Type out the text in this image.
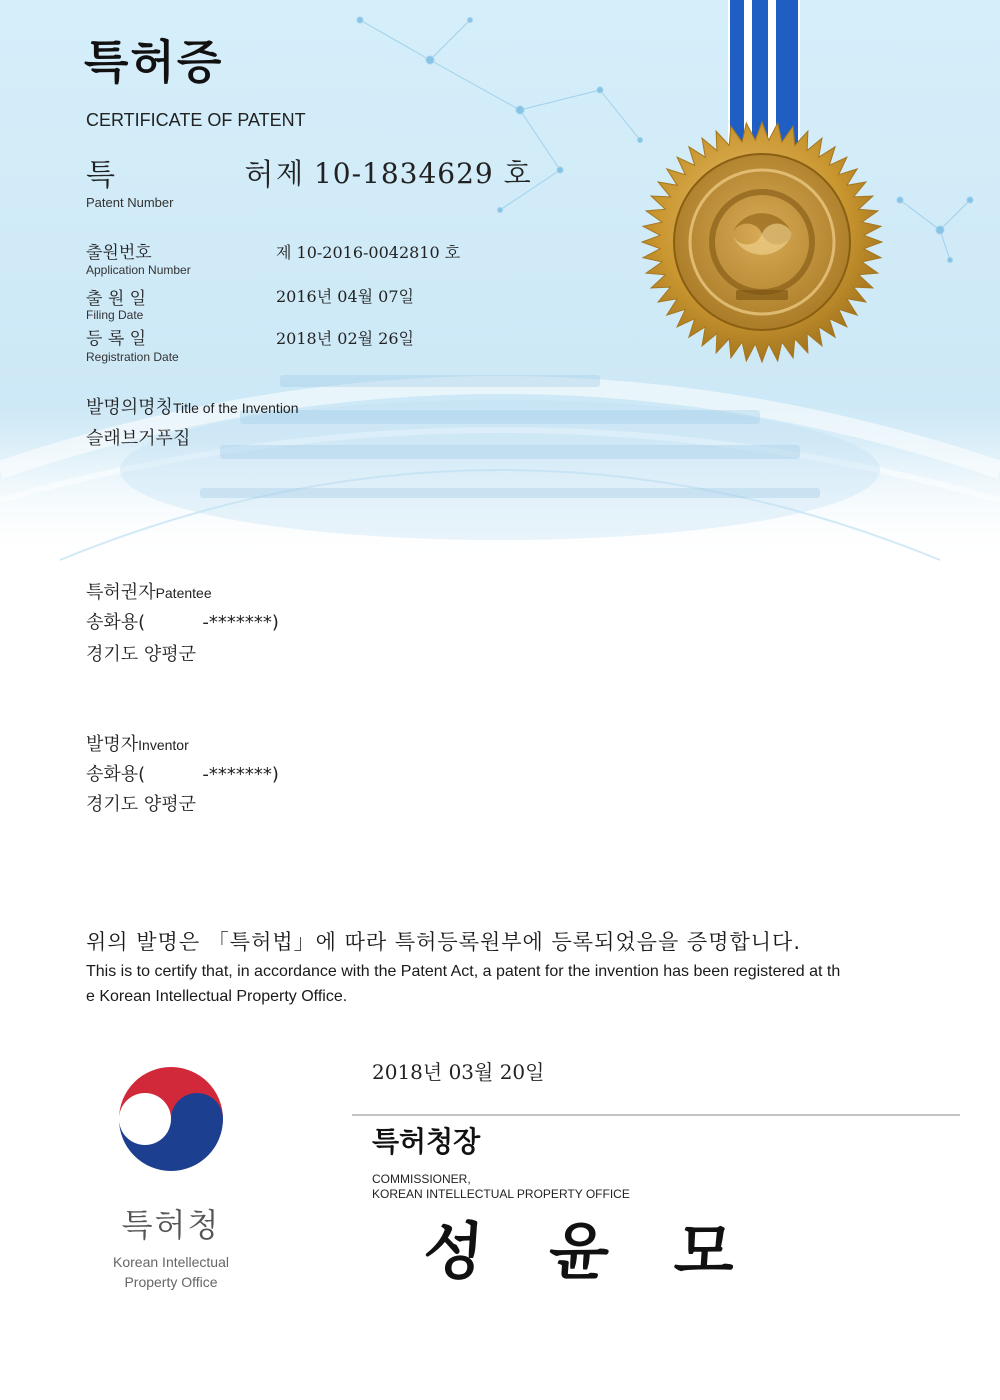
특허증
CERTIFICATE OF PATENT
특 허
제 10-1834629 호
Patent Number
출원번호
Application Number
제 10-2016-0042810 호
출 원 일
Filing Date
2016년 04월 07일
등 록 일
Registration Date
2018년 02월 26일
발명의명칭Title of the Invention
슬래브거푸집
특허권자Patentee
송화용(          -*******)
경기도 양평군
발명자Inventor
송화용(          -*******)
경기도 양평군
위의 발명은 「특허법」에 따라 특허등록원부에 등록되었음을 증명합니다.
This is to certify that, in accordance with the Patent Act, a patent for the invention has been registered at th
e Korean Intellectual Property Office.
2018년 03월 20일
특허청장
COMMISSIONER,
KOREAN INTELLECTUAL PROPERTY OFFICE
성 윤 모
특허청
Korean Intellectual
Property Office
